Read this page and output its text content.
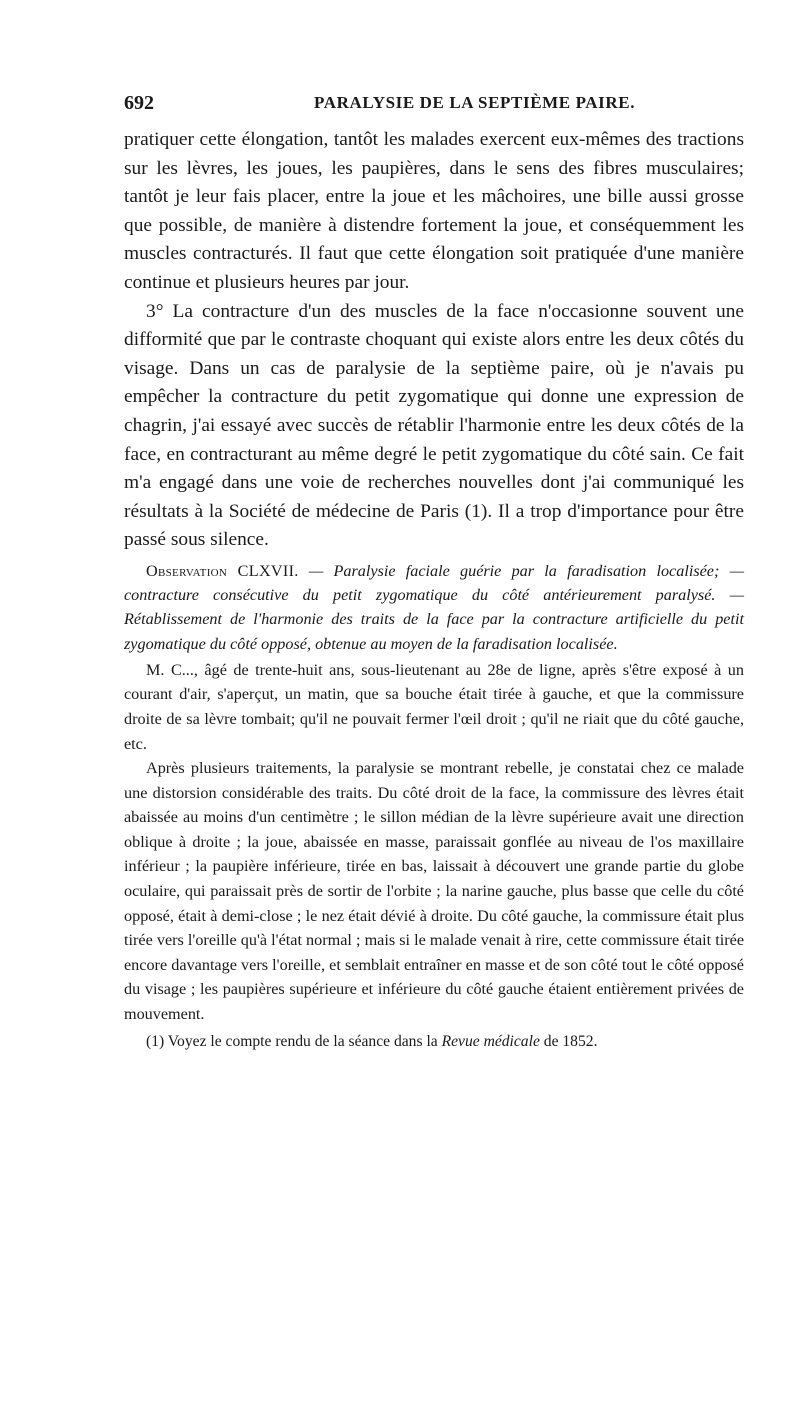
692	PARALYSIE DE LA SEPTIÈME PAIRE.

pratiquer cette élongation, tantôt les malades exercent eux-mêmes des tractions sur les lèvres, les joues, les paupières, dans le sens des fibres musculaires; tantôt je leur fais placer, entre la joue et les mâchoires, une bille aussi grosse que possible, de manière à distendre fortement la joue, et conséquemment les muscles contracturés. Il faut que cette élongation soit pratiquée d'une manière continue et plusieurs heures par jour.

3° La contracture d'un des muscles de la face n'occasionne souvent une difformité que par le contraste choquant qui existe alors entre les deux côtés du visage. Dans un cas de paralysie de la septième paire, où je n'avais pu empêcher la contracture du petit zygomatique qui donne une expression de chagrin, j'ai essayé avec succès de rétablir l'harmonie entre les deux côtés de la face, en contracturant au même degré le petit zygomatique du côté sain. Ce fait m'a engagé dans une voie de recherches nouvelles dont j'ai communiqué les résultats à la Société de médecine de Paris (1). Il a trop d'importance pour être passé sous silence.

Observation CLXVII. — Paralysie faciale guérie par la faradisation localisée; — contracture consécutive du petit zygomatique du côté antérieurement paralysé. — Rétablissement de l'harmonie des traits de la face par la contracture artificielle du petit zygomatique du côté opposé, obtenue au moyen de la faradisation localisée.

M. C..., âgé de trente-huit ans, sous-lieutenant au 28e de ligne, après s'être exposé à un courant d'air, s'aperçut, un matin, que sa bouche était tirée à gauche, et que la commissure droite de sa lèvre tombait; qu'il ne pouvait fermer l'œil droit ; qu'il ne riait que du côté gauche, etc.

Après plusieurs traitements, la paralysie se montrant rebelle, je constatai chez ce malade une distorsion considérable des traits. Du côté droit de la face, la commissure des lèvres était abaissée au moins d'un centimètre ; le sillon médian de la lèvre supérieure avait une direction oblique à droite ; la joue, abaissée en masse, paraissait gonflée au niveau de l'os maxillaire inférieur ; la paupière inférieure, tirée en bas, laissait à découvert une grande partie du globe oculaire, qui paraissait près de sortir de l'orbite ; la narine gauche, plus basse que celle du côté opposé, était à demi-close ; le nez était dévié à droite. Du côté gauche, la commissure était plus tirée vers l'oreille qu'à l'état normal ; mais si le malade venait à rire, cette commissure était tirée encore davantage vers l'oreille, et semblait entraîner en masse et de son côté tout le côté opposé du visage ; les paupières supérieure et inférieure du côté gauche étaient entièrement privées de mouvement.

(1) Voyez le compte rendu de la séance dans la Revue médicale de 1852.
